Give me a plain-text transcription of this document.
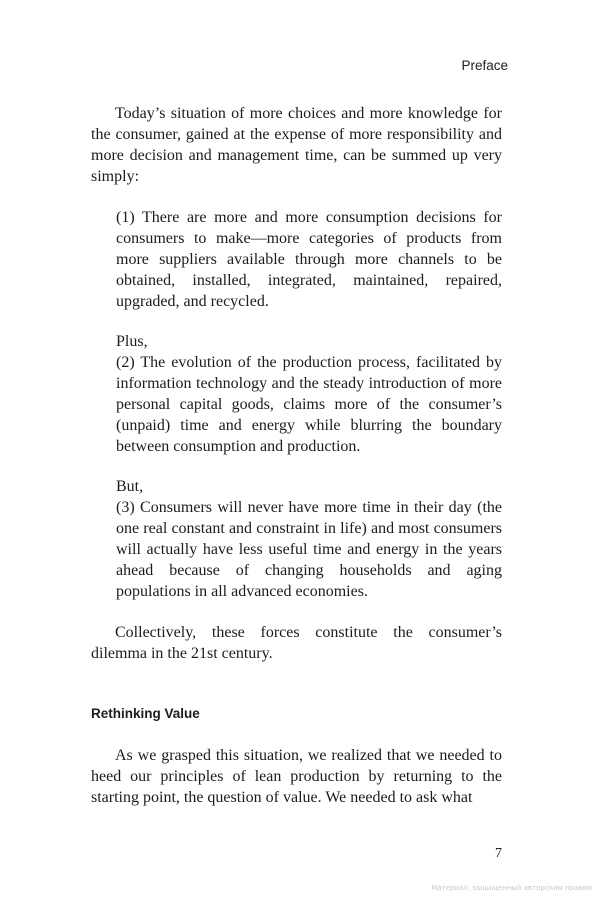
Preface

Today’s situation of more choices and more knowledge for the consumer, gained at the expense of more responsibility and more decision and management time, can be summed up very simply:

(1) There are more and more consumption decisions for consumers to make—more categories of products from more suppliers available through more channels to be obtained, installed, integrated, maintained, repaired, upgraded, and recycled.

Plus,

(2) The evolution of the production process, facilitated by information technology and the steady introduction of more personal capital goods, claims more of the consumer’s (unpaid) time and energy while blurring the boundary between consumption and production.

But,

(3) Consumers will never have more time in their day (the one real constant and constraint in life) and most consumers will actually have less useful time and energy in the years ahead because of changing households and aging populations in all advanced economies.

Collectively, these forces constitute the consumer’s dilemma in the 21st century.

Rethinking Value

As we grasped this situation, we realized that we needed to heed our principles of lean production by returning to the starting point, the question of value. We needed to ask what

7
Материал, защищенный авторским правом
